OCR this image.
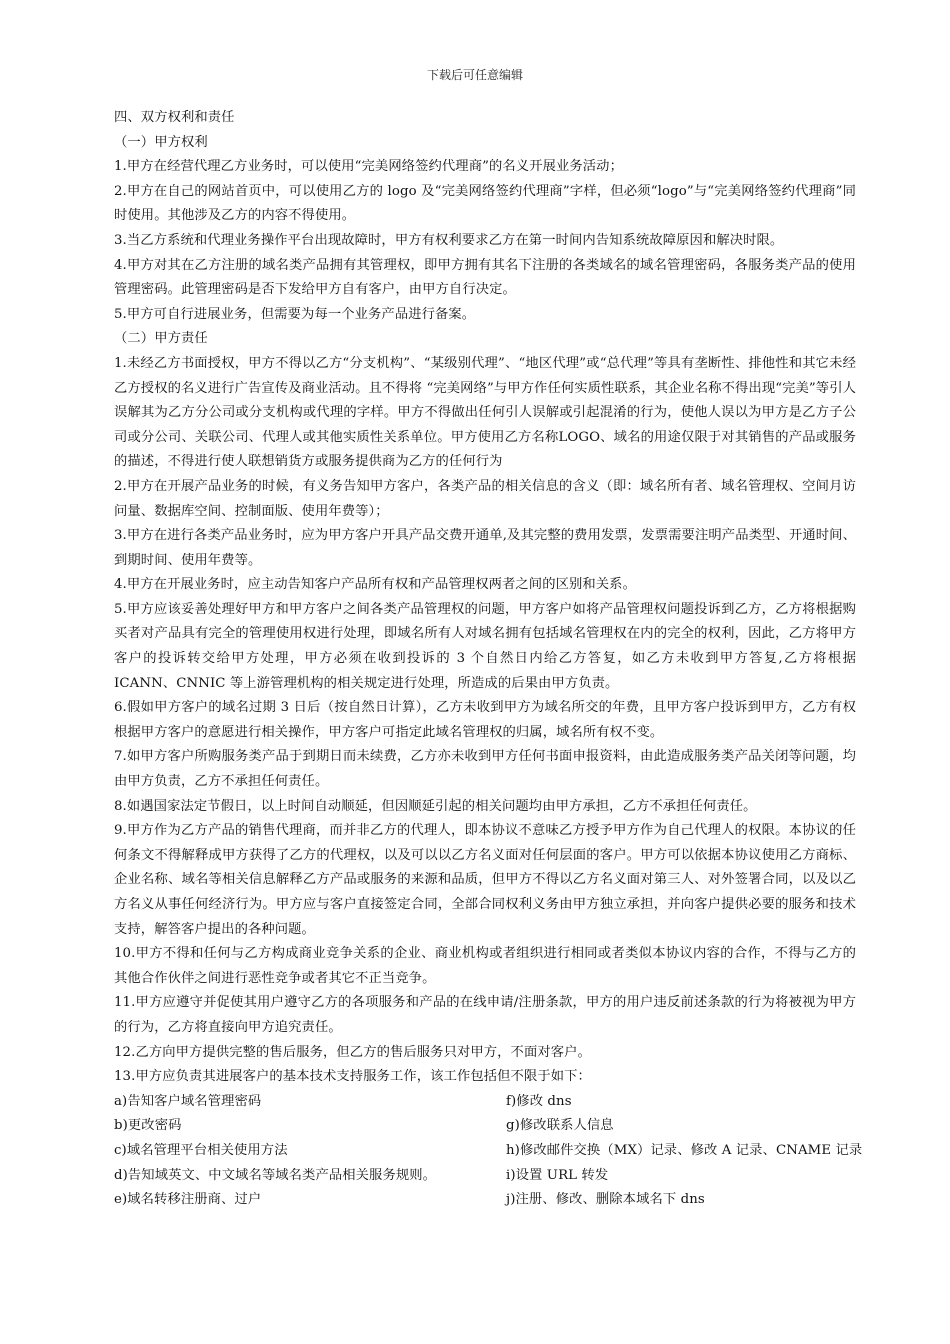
下载后可任意编辑

四、双方权利和责任

（一）甲方权利

1.甲方在经营代理乙方业务时，可以使用“完美网络签约代理商”的名义开展业务活动；

2.甲方在自己的网站首页中，可以使用乙方的 logo 及“完美网络签约代理商”字样，但必须“logo”与“完美网络签约代理商”同时使用。其他涉及乙方的内容不得使用。

3.当乙方系统和代理业务操作平台出现故障时，甲方有权利要求乙方在第一时间内告知系统故障原因和解决时限。

4.甲方对其在乙方注册的域名类产品拥有其管理权，即甲方拥有其名下注册的各类域名的域名管理密码，各服务类产品的使用管理密码。此管理密码是否下发给甲方自有客户，由甲方自行决定。

5.甲方可自行进展业务，但需要为每一个业务产品进行备案。

（二）甲方责任

1.未经乙方书面授权，甲方不得以乙方“分支机构”、“某级别代理”、“地区代理”或“总代理”等具有垄断性、排他性和其它未经乙方授权的名义进行广告宣传及商业活动。且不得将 “完美网络”与甲方作任何实质性联系，其企业名称不得出现“完美”等引人误解其为乙方分公司或分支机构或代理的字样。甲方不得做出任何引人误解或引起混淆的行为，使他人误以为甲方是乙方子公司或分公司、关联公司、代理人或其他实质性关系单位。甲方使用乙方名称LOGO、域名的用途仅限于对其销售的产品或服务的描述，不得进行使人联想销货方或服务提供商为乙方的任何行为

2.甲方在开展产品业务的时候，有义务告知甲方客户，各类产品的相关信息的含义（即：域名所有者、域名管理权、空间月访问量、数据库空间、控制面版、使用年费等）；

3.甲方在进行各类产品业务时，应为甲方客户开具产品交费开通单,及其完整的费用发票，发票需要注明产品类型、开通时间、到期时间、使用年费等。

4.甲方在开展业务时，应主动告知客户产品所有权和产品管理权两者之间的区别和关系。

5.甲方应该妥善处理好甲方和甲方客户之间各类产品管理权的问题，甲方客户如将产品管理权问题投诉到乙方，乙方将根据购买者对产品具有完全的管理使用权进行处理，即域名所有人对域名拥有包括域名管理权在内的完全的权利，因此，乙方将甲方客户的投诉转交给甲方处理，甲方必须在收到投诉的 3 个自然日内给乙方答复，如乙方未收到甲方答复,乙方将根据 ICANN、CNNIC 等上游管理机构的相关规定进行处理，所造成的后果由甲方负责。

6.假如甲方客户的域名过期 3 日后（按自然日计算），乙方未收到甲方为域名所交的年费，且甲方客户投诉到甲方，乙方有权根据甲方客户的意愿进行相关操作，甲方客户可指定此域名管理权的归属，域名所有权不变。

7.如甲方客户所购服务类产品于到期日而未续费，乙方亦未收到甲方任何书面申报资料，由此造成服务类产品关闭等问题，均由甲方负责，乙方不承担任何责任。

8.如遇国家法定节假日，以上时间自动顺延，但因顺延引起的相关问题均由甲方承担，乙方不承担任何责任。

9.甲方作为乙方产品的销售代理商，而并非乙方的代理人，即本协议不意味乙方授予甲方作为自己代理人的权限。本协议的任何条文不得解释成甲方获得了乙方的代理权，以及可以以乙方名义面对任何层面的客户。甲方可以依据本协议使用乙方商标、企业名称、域名等相关信息解释乙方产品或服务的来源和品质，但甲方不得以乙方名义面对第三人、对外签署合同，以及以乙方名义从事任何经济行为。甲方应与客户直接签定合同，全部合同权利义务由甲方独立承担，并向客户提供必要的服务和技术支持，解答客户提出的各种问题。

10.甲方不得和任何与乙方构成商业竞争关系的企业、商业机构或者组织进行相同或者类似本协议内容的合作，不得与乙方的其他合作伙伴之间进行恶性竞争或者其它不正当竞争。

11.甲方应遵守并促使其用户遵守乙方的各项服务和产品的在线申请/注册条款，甲方的用户违反前述条款的行为将被视为甲方的行为，乙方将直接向甲方追究责任。

12.乙方向甲方提供完整的售后服务，但乙方的售后服务只对甲方，不面对客户。

13.甲方应负责其进展客户的基本技术支持服务工作，该工作包括但不限于如下：

a)告知客户域名管理密码	f)修改 dns
b)更改密码	g)修改联系人信息
c)域名管理平台相关使用方法	h)修改邮件交换（MX）记录、修改 A 记录、CNAME 记录
d)告知域英文、中文域名等域名类产品相关服务规则。	i)设置 URL 转发
e)域名转移注册商、过户	j)注册、修改、删除本域名下 dns
